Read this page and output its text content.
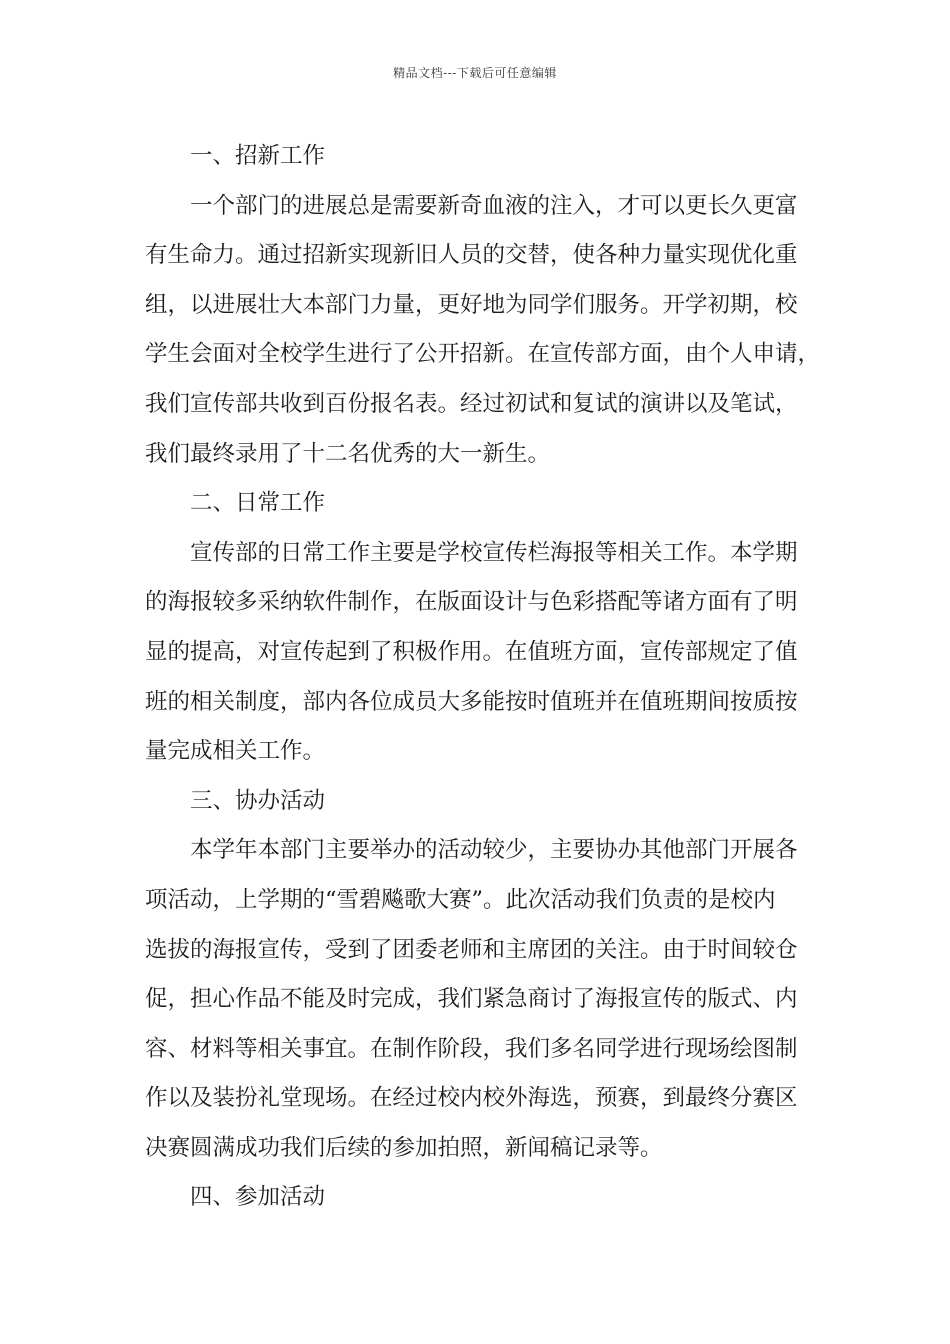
精品文档---下载后可任意编辑
一、招新工作
一个部门的进展总是需要新奇血液的注入，才可以更长久更富
有生命力。通过招新实现新旧人员的交替，使各种力量实现优化重
组，以进展壮大本部门力量，更好地为同学们服务。开学初期，校
学生会面对全校学生进行了公开招新。在宣传部方面，由个人申请，
我们宣传部共收到百份报名表。经过初试和复试的演讲以及笔试，
我们最终录用了十二名优秀的大一新生。
二、日常工作
宣传部的日常工作主要是学校宣传栏海报等相关工作。本学期
的海报较多采纳软件制作，在版面设计与色彩搭配等诸方面有了明
显的提高，对宣传起到了积极作用。在值班方面，宣传部规定了值
班的相关制度，部内各位成员大多能按时值班并在值班期间按质按
量完成相关工作。
三、协办活动
本学年本部门主要举办的活动较少，主要协办其他部门开展各
项活动，上学期的“雪碧飚歌大赛”。此次活动我们负责的是校内
选拔的海报宣传，受到了团委老师和主席团的关注。由于时间较仓
促，担心作品不能及时完成，我们紧急商讨了海报宣传的版式、内
容、材料等相关事宜。在制作阶段，我们多名同学进行现场绘图制
作以及装扮礼堂现场。在经过校内校外海选，预赛，到最终分赛区
决赛圆满成功我们后续的参加拍照，新闻稿记录等。
四、参加活动
